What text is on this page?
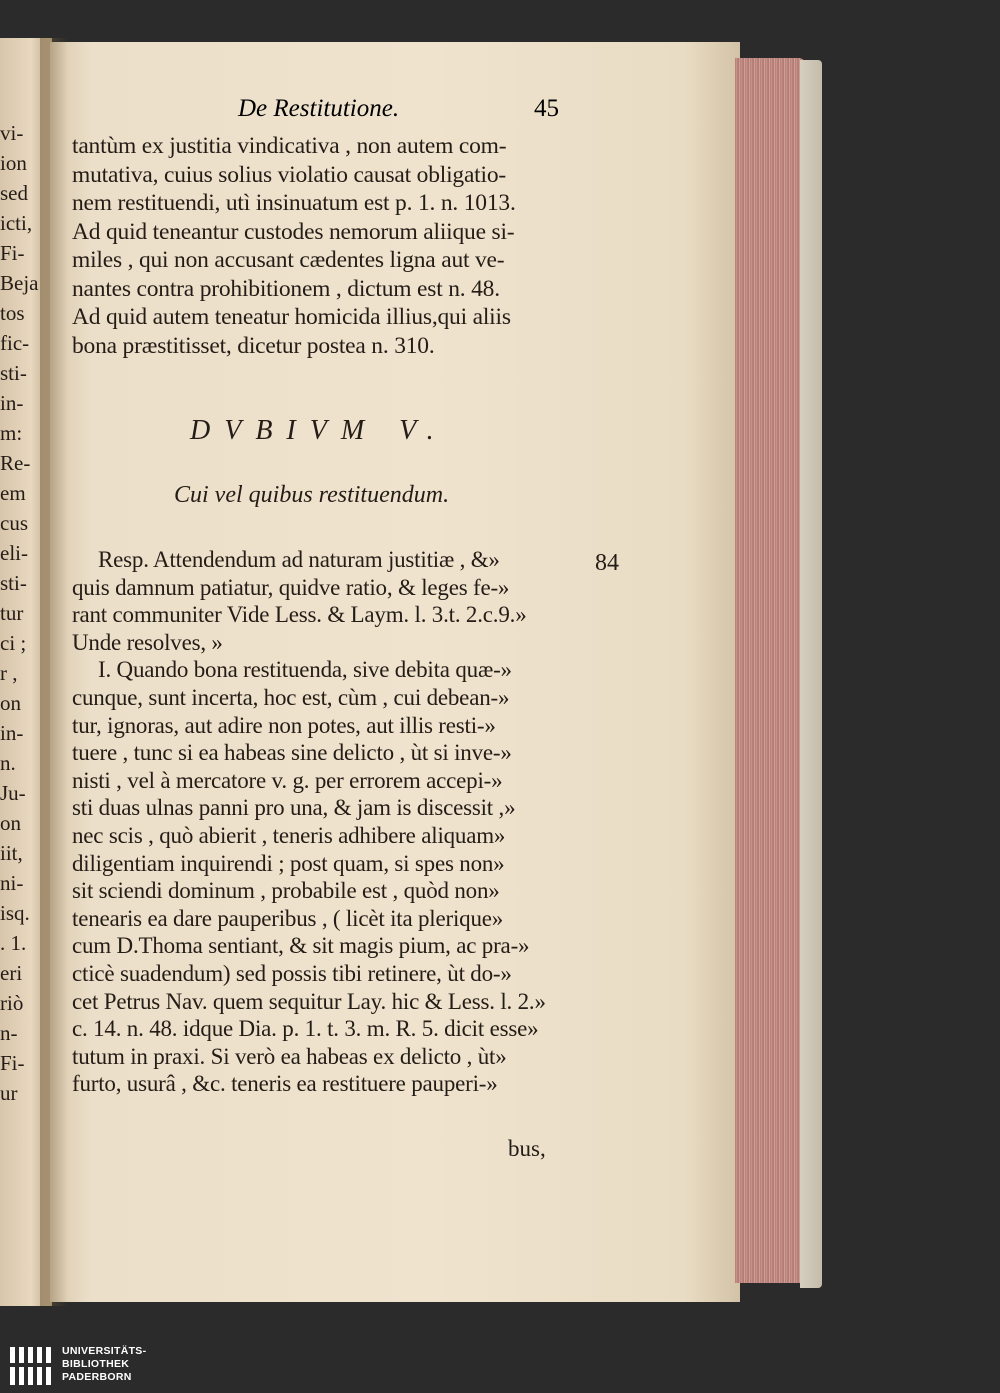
vi-
ion
sed
icti,
Fi-
Beja
tos
fic-
sti-
in-
m:
Re-
em
cus
eli-
sti-
tur
ci ;
r ,
on
in-
n.
Ju-
on
iit,
ni-
isq.
. 1.
eri
riò
n-
Fi-
ur
De Restitutione.	45
tantùm ex justitia vindicativa , non autem com-
mutativa, cuius solius violatio causat obligatio-
nem restituendi, utì insinuatum est p. 1. n. 1013.
Ad quid teneantur custodes nemorum aliique si-
miles , qui non accusant cædentes ligna aut ve-
nantes contra prohibitionem , dictum est n. 48.
Ad quid autem teneatur homicida illius,qui aliis
bona præstitisset, dicetur postea n. 310.
DVBIVM V.
Cui vel quibus restituendum.
84
Resp. Attendendum ad naturam justitiæ , &»
quis damnum patiatur, quidve ratio, & leges fe-»
rant communiter Vide Less. & Laym. l. 3.t. 2.c.9.»
Unde resolves, »
I. Quando bona restituenda, sive debita quæ-»
cunque, sunt incerta, hoc est, cùm , cui debean-»
tur, ignoras, aut adire non potes, aut illis resti-»
tuere , tunc si ea habeas sine delicto , ùt si inve-»
nisti , vel à mercatore v. g. per errorem accepi-»
sti duas ulnas panni pro una, & jam is discessit ,»
nec scis , quò abierit , teneris adhibere aliquam»
diligentiam inquirendi ; post quam, si spes non»
sit sciendi dominum , probabile est , quòd non»
tenearis ea dare pauperibus , ( licèt ita plerique»
cum D.Thoma sentiant, & sit magis pium, ac pra-»
cticè suadendum) sed possis tibi retinere, ùt do-»
cet Petrus Nav. quem sequitur Lay. hic & Less. l. 2.»
c. 14. n. 48. idque Dia. p. 1. t. 3. m. R. 5. dicit esse»
tutum in praxi. Si verò ea habeas ex delicto , ùt»
furto, usurâ , &c. teneris ea restituere pauperi-»
bus,
UNIVERSITÄTS-
BIBLIOTHEK
PADERBORN
